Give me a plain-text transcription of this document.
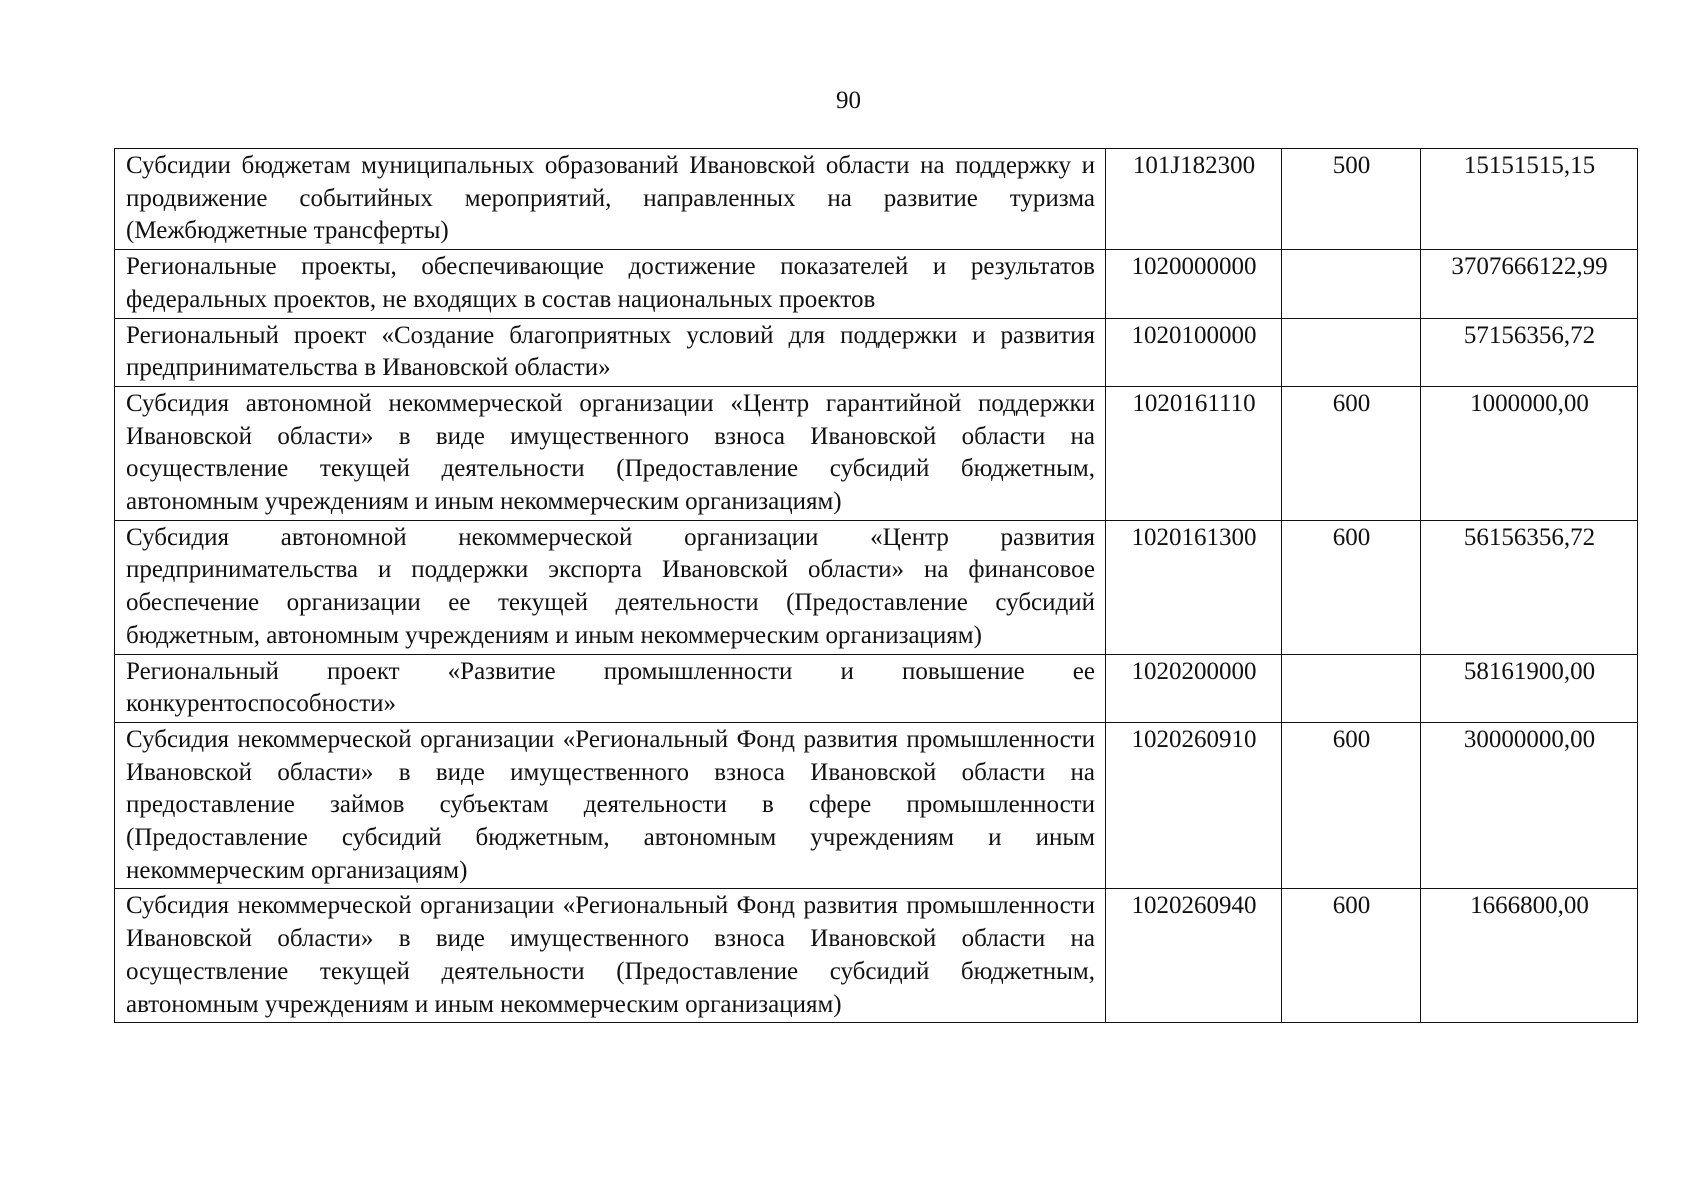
90
Субсидии бюджетам муниципальных образований Ивановской области на поддержку и продвижение событийных мероприятий, направленных на развитие туризма (Межбюджетные трансферты)	101J182300	500	15151515,15
Региональные проекты, обеспечивающие достижение показателей и результатов федеральных проектов, не входящих в состав национальных проектов	1020000000		3707666122,99
Региональный проект «Создание благоприятных условий для поддержки и развития предпринимательства в Ивановской области»	1020100000		57156356,72
Субсидия автономной некоммерческой организации «Центр гарантийной поддержки Ивановской области» в виде имущественного взноса Ивановской области на осуществление текущей деятельности (Предоставление субсидий бюджетным, автономным учреждениям и иным некоммерческим организациям)	1020161110	600	1000000,00
Субсидия автономной некоммерческой организации «Центр развития предпринимательства и поддержки экспорта Ивановской области» на финансовое обеспечение организации ее текущей деятельности (Предоставление субсидий бюджетным, автономным учреждениям и иным некоммерческим организациям)	1020161300	600	56156356,72
Региональный проект «Развитие промышленности и повышение ее конкурентоспособности»	1020200000		58161900,00
Субсидия некоммерческой организации «Региональный Фонд развития промышленности Ивановской области» в виде имущественного взноса Ивановской области на предоставление займов субъектам деятельности в сфере промышленности (Предоставление субсидий бюджетным, автономным учреждениям и иным некоммерческим организациям)	1020260910	600	30000000,00
Субсидия некоммерческой организации «Региональный Фонд развития промышленности Ивановской области» в виде имущественного взноса Ивановской области на осуществление текущей деятельности (Предоставление субсидий бюджетным, автономным учреждениям и иным некоммерческим организациям)	1020260940	600	1666800,00
